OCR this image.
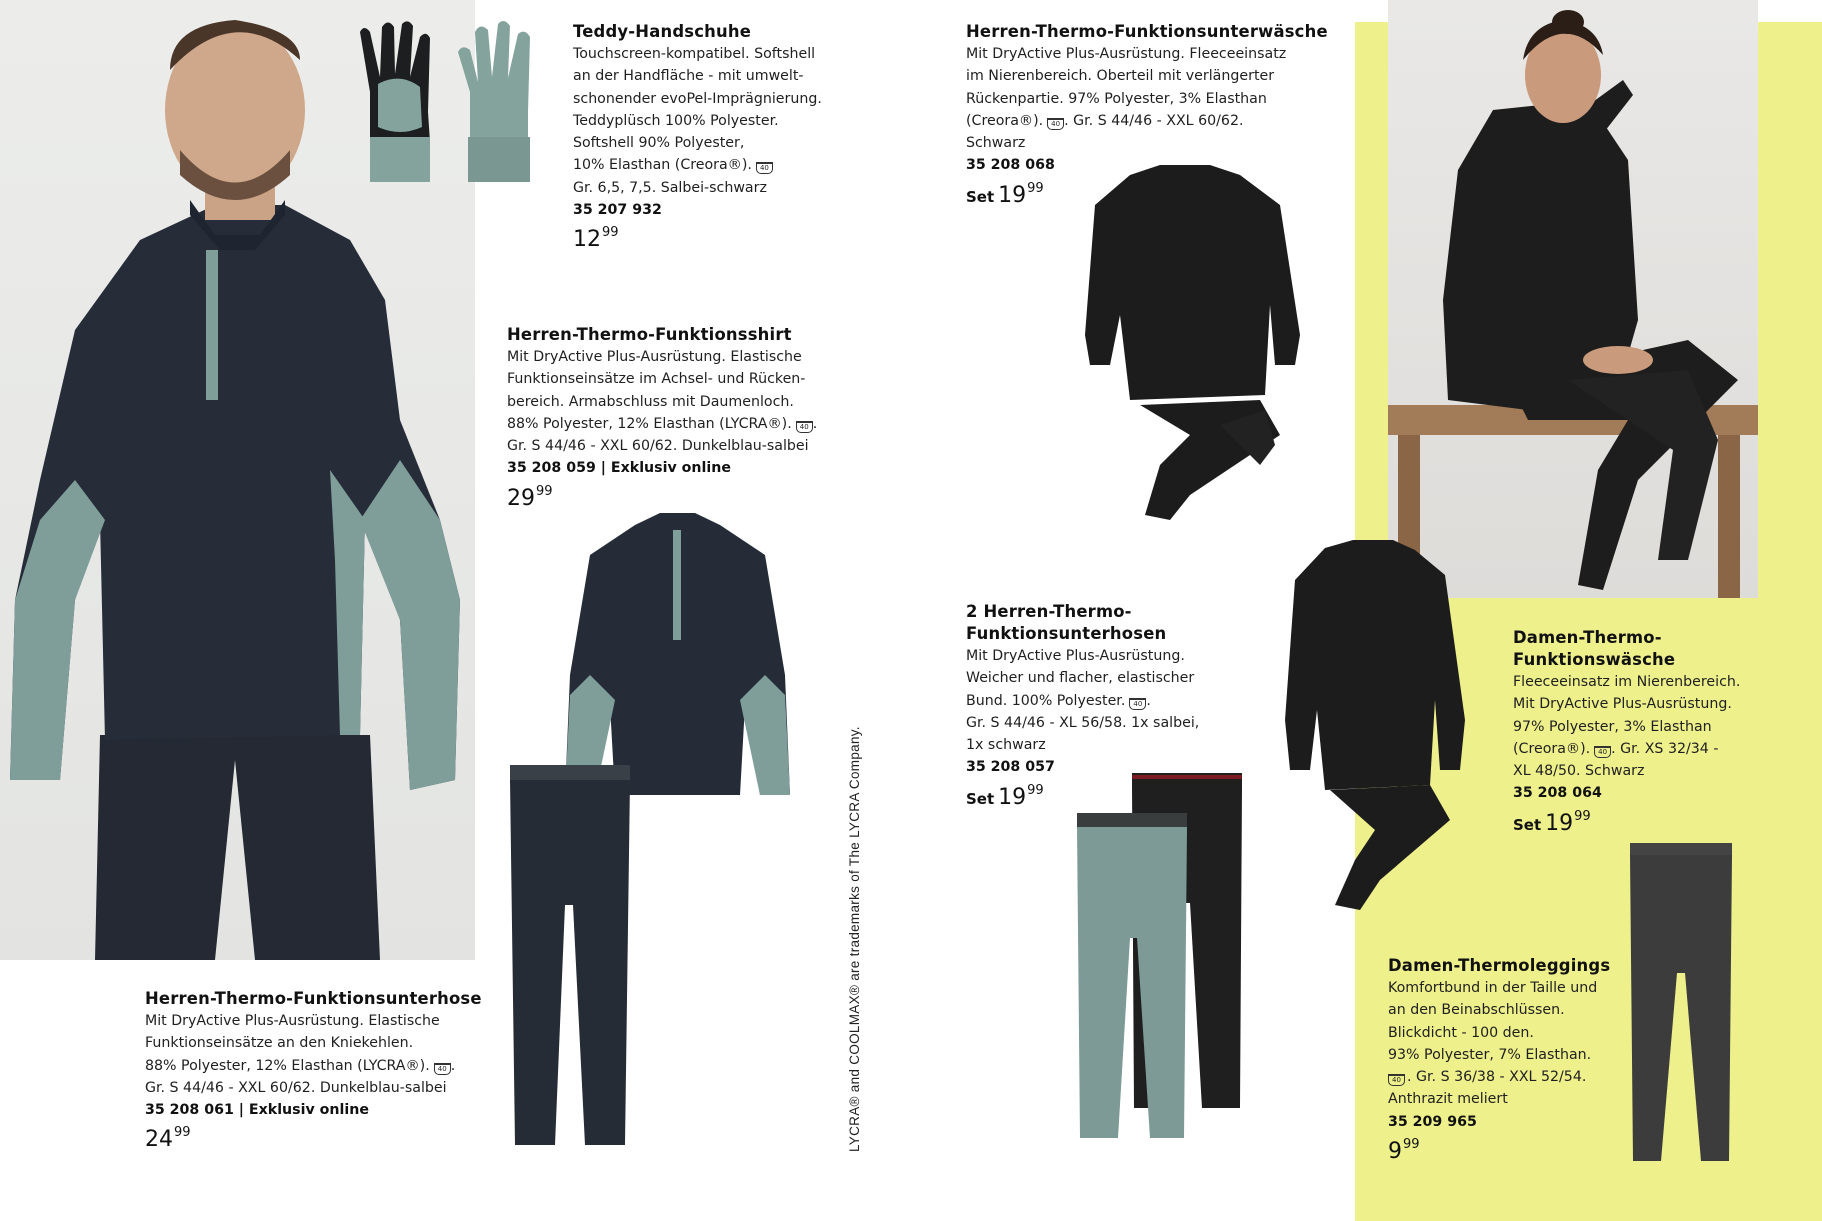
Teddy-Handschuhe
Touchscreen-kompatibel. Softshell
an der Handfläche - mit umwelt-
schonender evoPel-Imprägnierung.
Teddyplüsch 100% Polyester.
Softshell 90% Polyester,
10% Elasthan (Creora®). 40
Gr. 6,5, 7,5. Salbei-schwarz
35 207 932
$12^{99}$
Herren-Thermo-Funktionsshirt
Mit DryActive Plus-Ausrüstung. Elastische
Funktionseinsätze im Achsel- und Rücken-
bereich. Armabschluss mit Daumenloch.
88% Polyester, 12% Elasthan (LYCRA®). 40 .
Gr. S 44/46 - XXL 60/62. Dunkelblau-salbei
35 208 059 | Exklusiv online
$29^{99}$
Herren-Thermo-Funktionsunterhose
Mit DryActive Plus-Ausrüstung. Elastische
Funktionseinsätze an den Kniekehlen.
88% Polyester, 12% Elasthan (LYCRA®). 40 .
Gr. S 44/46 - XXL 60/62. Dunkelblau-salbei
35 208 061 | Exklusiv online
$24^{99}$
Herren-Thermo-Funktionsunterwäsche
Mit DryActive Plus-Ausrüstung. Fleeceeinsatz
im Nierenbereich. Oberteil mit verlängerter
Rückenpartie. 97% Polyester, 3% Elasthan
(Creora®). 40 . Gr. S 44/46 - XXL 60/62.
Schwarz
35 208 068
Set $19^{99}$
2 Herren-Thermo-
Funktionsunterhosen
Mit DryActive Plus-Ausrüstung.
Weicher und flacher, elastischer
Bund. 100% Polyester. 40 .
Gr. S 44/46 - XL 56/58. 1x salbei,
1x schwarz
35 208 057
Set $19^{99}$
Damen-Thermo-
Funktionswäsche
Fleeceeinsatz im Nierenbereich.
Mit DryActive Plus-Ausrüstung.
97% Polyester, 3% Elasthan
(Creora®). 40 . Gr. XS 32/34 -
XL 48/50. Schwarz
35 208 064
Set $19^{99}$
Damen-Thermoleggings
Komfortbund in der Taille und
an den Beinabschlüssen.
Blickdicht - 100 den.
93% Polyester, 7% Elasthan.
40 . Gr. S 36/38 - XXL 52/54.
Anthrazit meliert
35 209 965
$9^{99}$
LYCRA® and COOLMAX® are trademarks of The LYCRA Company.
